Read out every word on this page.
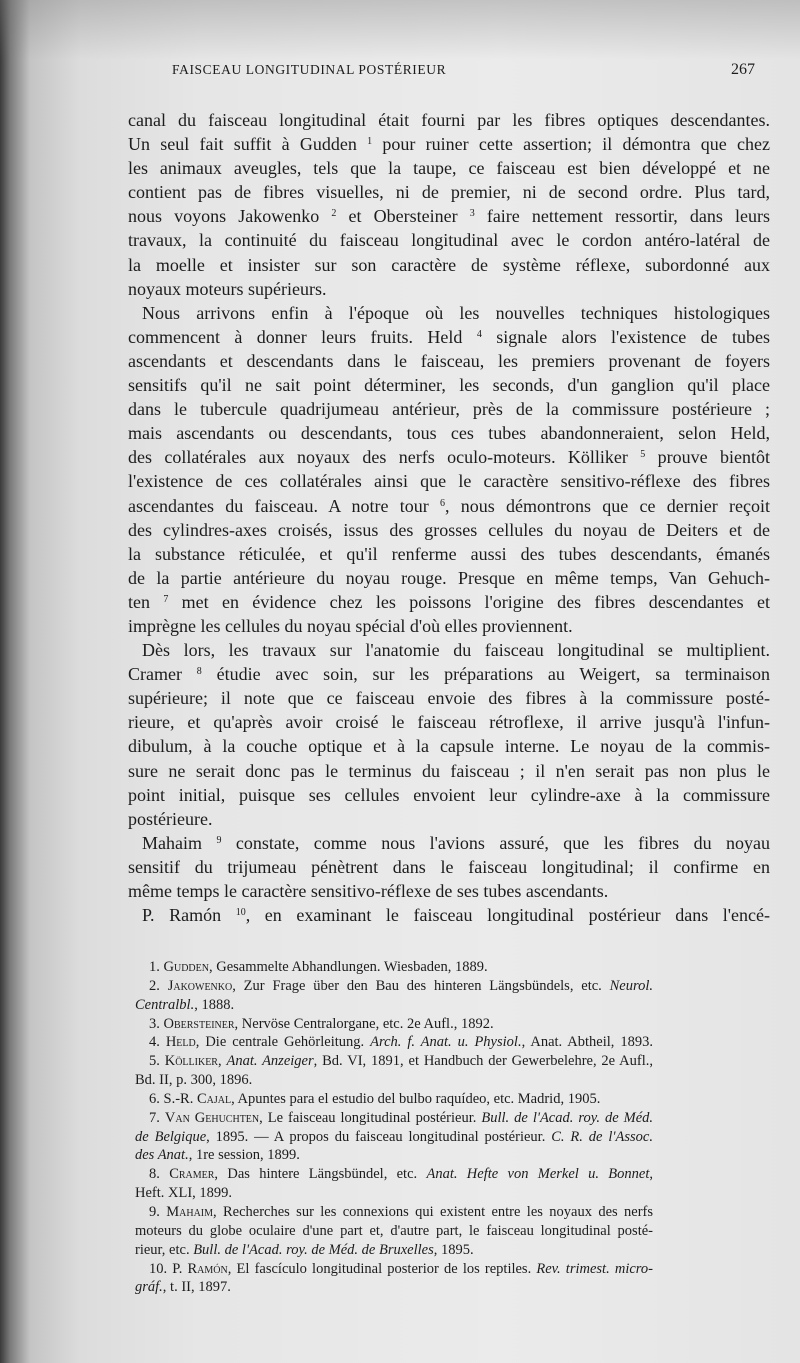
FAISCEAU LONGITUDINAL POSTÉRIEUR	267
canal du faisceau longitudinal était fourni par les fibres optiques descendantes.
Un seul fait suffit à Gudden $^1$ pour ruiner cette assertion; il démontra que chez
les animaux aveugles, tels que la taupe, ce faisceau est bien développé et ne
contient pas de fibres visuelles, ni de premier, ni de second ordre. Plus tard,
nous voyons Jakowenko $^2$ et Obersteiner $^3$ faire nettement ressortir, dans leurs
travaux, la continuité du faisceau longitudinal avec le cordon antéro-latéral de
la moelle et insister sur son caractère de système réflexe, subordonné aux
noyaux moteurs supérieurs.
Nous arrivons enfin à l'époque où les nouvelles techniques histologiques
commencent à donner leurs fruits. Held $^4$ signale alors l'existence de tubes
ascendants et descendants dans le faisceau, les premiers provenant de foyers
sensitifs qu'il ne sait point déterminer, les seconds, d'un ganglion qu'il place
dans le tubercule quadrijumeau antérieur, près de la commissure postérieure ;
mais ascendants ou descendants, tous ces tubes abandonneraient, selon Held,
des collatérales aux noyaux des nerfs oculo-moteurs. Kölliker $^5$ prouve bientôt
l'existence de ces collatérales ainsi que le caractère sensitivo-réflexe des fibres
ascendantes du faisceau. A notre tour $^6$, nous démontrons que ce dernier reçoit
des cylindres-axes croisés, issus des grosses cellules du noyau de Deiters et de
la substance réticulée, et qu'il renferme aussi des tubes descendants, émanés
de la partie antérieure du noyau rouge. Presque en même temps, Van Gehuch-
ten $^7$ met en évidence chez les poissons l'origine des fibres descendantes et
imprègne les cellules du noyau spécial d'où elles proviennent.
Dès lors, les travaux sur l'anatomie du faisceau longitudinal se multiplient.
Cramer $^8$ étudie avec soin, sur les préparations au Weigert, sa terminaison
supérieure; il note que ce faisceau envoie des fibres à la commissure posté-
rieure, et qu'après avoir croisé le faisceau rétroflexe, il arrive jusqu'à l'infun-
dibulum, à la couche optique et à la capsule interne. Le noyau de la commis-
sure ne serait donc pas le terminus du faisceau ; il n'en serait pas non plus le
point initial, puisque ses cellules envoient leur cylindre-axe à la commissure
postérieure.
Mahaim $^9$ constate, comme nous l'avions assuré, que les fibres du noyau
sensitif du trijumeau pénètrent dans le faisceau longitudinal; il confirme en
même temps le caractère sensitivo-réflexe de ses tubes ascendants.
P. Ramón $^{10}$, en examinant le faisceau longitudinal postérieur dans l'encé-
1. Gudden, Gesammelte Abhandlungen. Wiesbaden, 1889.
2. Jakowenko, Zur Frage über den Bau des hinteren Längsbündels, etc. Neurol.
Centralbl., 1888.
3. Obersteiner, Nervöse Centralorgane, etc. 2e Aufl., 1892.
4. Held, Die centrale Gehörleitung. Arch. f. Anat. u. Physiol., Anat. Abtheil, 1893.
5. Kölliker, Anat. Anzeiger, Bd. VI, 1891, et Handbuch der Gewerbelehre, 2e Aufl.,
Bd. II, p. 300, 1896.
6. S.-R. Cajal, Apuntes para el estudio del bulbo raquídeo, etc. Madrid, 1905.
7. Van Gehuchten, Le faisceau longitudinal postérieur. Bull. de l'Acad. roy. de Méd.
de Belgique, 1895. — A propos du faisceau longitudinal postérieur. C. R. de l'Assoc.
des Anat., 1re session, 1899.
8. Cramer, Das hintere Längsbündel, etc. Anat. Hefte von Merkel u. Bonnet,
Heft. XLI, 1899.
9. Mahaim, Recherches sur les connexions qui existent entre les noyaux des nerfs
moteurs du globe oculaire d'une part et, d'autre part, le faisceau longitudinal posté-
rieur, etc. Bull. de l'Acad. roy. de Méd. de Bruxelles, 1895.
10. P. Ramón, El fascículo longitudinal posterior de los reptiles. Rev. trimest. micro-
gráf., t. II, 1897.
